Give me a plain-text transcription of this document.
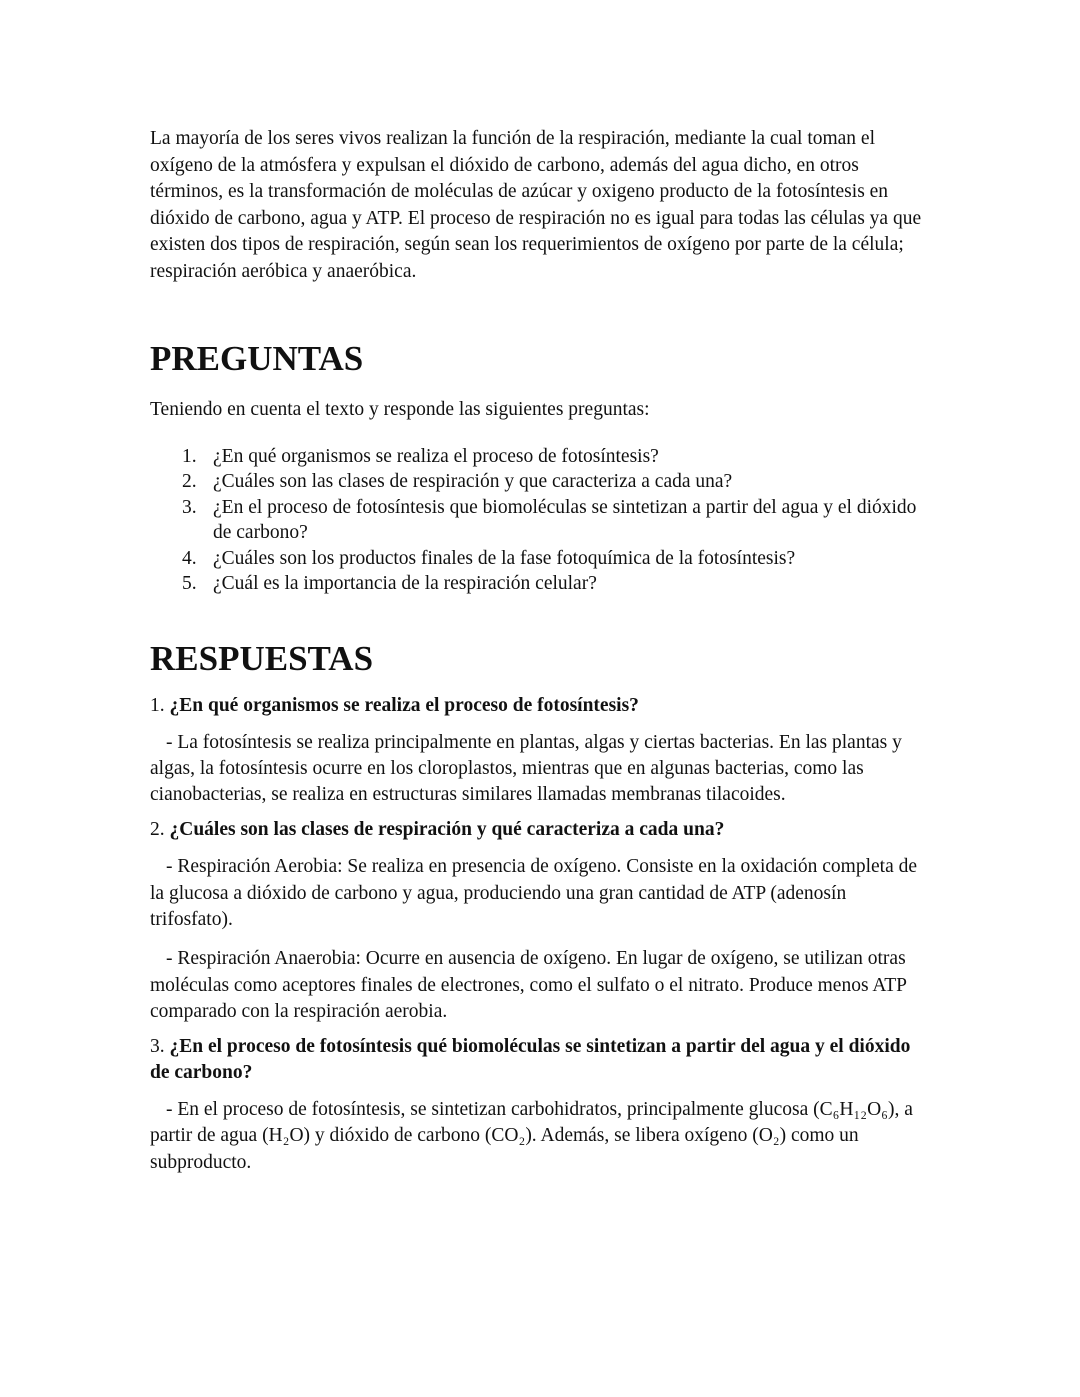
La mayoría de los seres vivos realizan la función de la respiración, mediante la cual toman el oxígeno de la atmósfera y expulsan el dióxido de carbono, además del agua dicho, en otros términos, es la transformación de moléculas de azúcar y oxigeno producto de la fotosíntesis en dióxido de carbono, agua y ATP. El proceso de respiración no es igual para todas las células ya que existen dos tipos de respiración, según sean los requerimientos de oxígeno por parte de la célula; respiración aeróbica y anaeróbica.

PREGUNTAS

Teniendo en cuenta el texto y responde las siguientes preguntas:

1. ¿En qué organismos se realiza el proceso de fotosíntesis?
2. ¿Cuáles son las clases de respiración y que caracteriza a cada una?
3. ¿En el proceso de fotosíntesis que biomoléculas se sintetizan a partir del agua y el dióxido de carbono?
4. ¿Cuáles son los productos finales de la fase fotoquímica de la fotosíntesis?
5. ¿Cuál es la importancia de la respiración celular?
RESPUESTAS

1. ¿En qué organismos se realiza el proceso de fotosíntesis?

- La fotosíntesis se realiza principalmente en plantas, algas y ciertas bacterias. En las plantas y algas, la fotosíntesis ocurre en los cloroplastos, mientras que en algunas bacterias, como las cianobacterias, se realiza en estructuras similares llamadas membranas tilacoides.

2. ¿Cuáles son las clases de respiración y qué caracteriza a cada una?

- Respiración Aerobia: Se realiza en presencia de oxígeno. Consiste en la oxidación completa de la glucosa a dióxido de carbono y agua, produciendo una gran cantidad de ATP (adenosín trifosfato).

- Respiración Anaerobia: Ocurre en ausencia de oxígeno. En lugar de oxígeno, se utilizan otras moléculas como aceptores finales de electrones, como el sulfato o el nitrato. Produce menos ATP comparado con la respiración aerobia.

3. ¿En el proceso de fotosíntesis qué biomoléculas se sintetizan a partir del agua y el dióxido de carbono?

- En el proceso de fotosíntesis, se sintetizan carbohidratos, principalmente glucosa (C₆H₁₂O₆), a partir de agua (H₂O) y dióxido de carbono (CO₂). Además, se libera oxígeno (O₂) como un subproducto.
